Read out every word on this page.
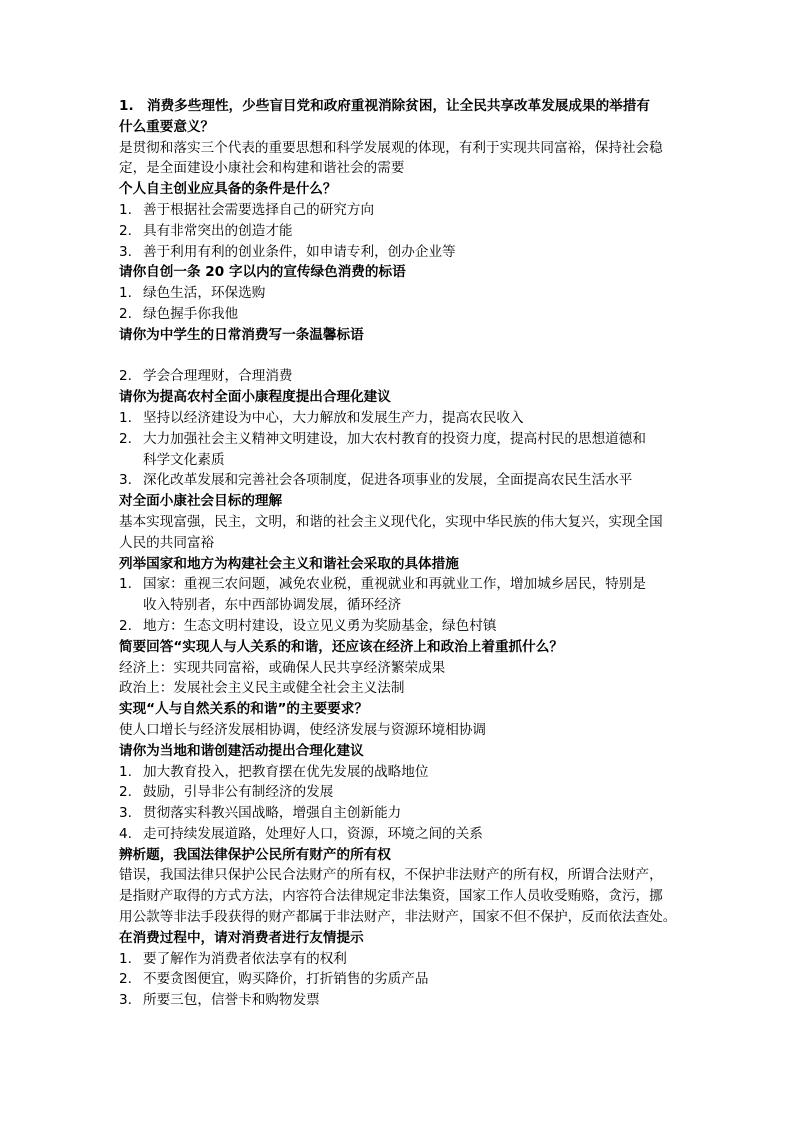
1. 消费多些理性，少些盲目党和政府重视消除贫困，让全民共享改革发展成果的举措有
什么重要意义？
是贯彻和落实三个代表的重要思想和科学发展观的体现，有利于实现共同富裕，保持社会稳
定，是全面建设小康社会和构建和谐社会的需要
个人自主创业应具备的条件是什么？
1. 善于根据社会需要选择自己的研究方向
2. 具有非常突出的创造才能
3. 善于利用有利的创业条件，如申请专利，创办企业等
请你自创一条 20 字以内的宣传绿色消费的标语
1. 绿色生活，环保选购
2. 绿色握手你我他
请你为中学生的日常消费写一条温馨标语
2. 学会合理理财，合理消费
请你为提高农村全面小康程度提出合理化建议
1. 坚持以经济建设为中心，大力解放和发展生产力，提高农民收入
2. 大力加强社会主义精神文明建设，加大农村教育的投资力度，提高村民的思想道德和
科学文化素质
3. 深化改革发展和完善社会各项制度，促进各项事业的发展，全面提高农民生活水平
对全面小康社会目标的理解
基本实现富强，民主，文明，和谐的社会主义现代化，实现中华民族的伟大复兴，实现全国
人民的共同富裕
列举国家和地方为构建社会主义和谐社会采取的具体措施
1. 国家：重视三农问题，减免农业税，重视就业和再就业工作，增加城乡居民，特别是
收入特别者，东中西部协调发展，循环经济
2. 地方：生态文明村建设，设立见义勇为奖励基金，绿色村镇
简要回答“实现人与人关系的和谐，还应该在经济上和政治上着重抓什么？
经济上：实现共同富裕，或确保人民共享经济繁荣成果
政治上：发展社会主义民主或健全社会主义法制
实现“人与自然关系的和谐”的主要要求？
使人口增长与经济发展相协调，使经济发展与资源环境相协调
请你为当地和谐创建活动提出合理化建议
1. 加大教育投入，把教育摆在优先发展的战略地位
2. 鼓励，引导非公有制经济的发展
3. 贯彻落实科教兴国战略，增强自主创新能力
4. 走可持续发展道路，处理好人口，资源，环境之间的关系
辨析题，我国法律保护公民所有财产的所有权
错误，我国法律只保护公民合法财产的所有权，不保护非法财产的所有权，所谓合法财产，
是指财产取得的方式方法，内容符合法律规定非法集资，国家工作人员收受贿赂，贪污，挪
用公款等非法手段获得的财产都属于非法财产，非法财产，国家不但不保护，反而依法查处。
在消费过程中，请对消费者进行友情提示
1. 要了解作为消费者依法享有的权利
2. 不要贪图便宜，购买降价，打折销售的劣质产品
3. 所要三包，信誉卡和购物发票
